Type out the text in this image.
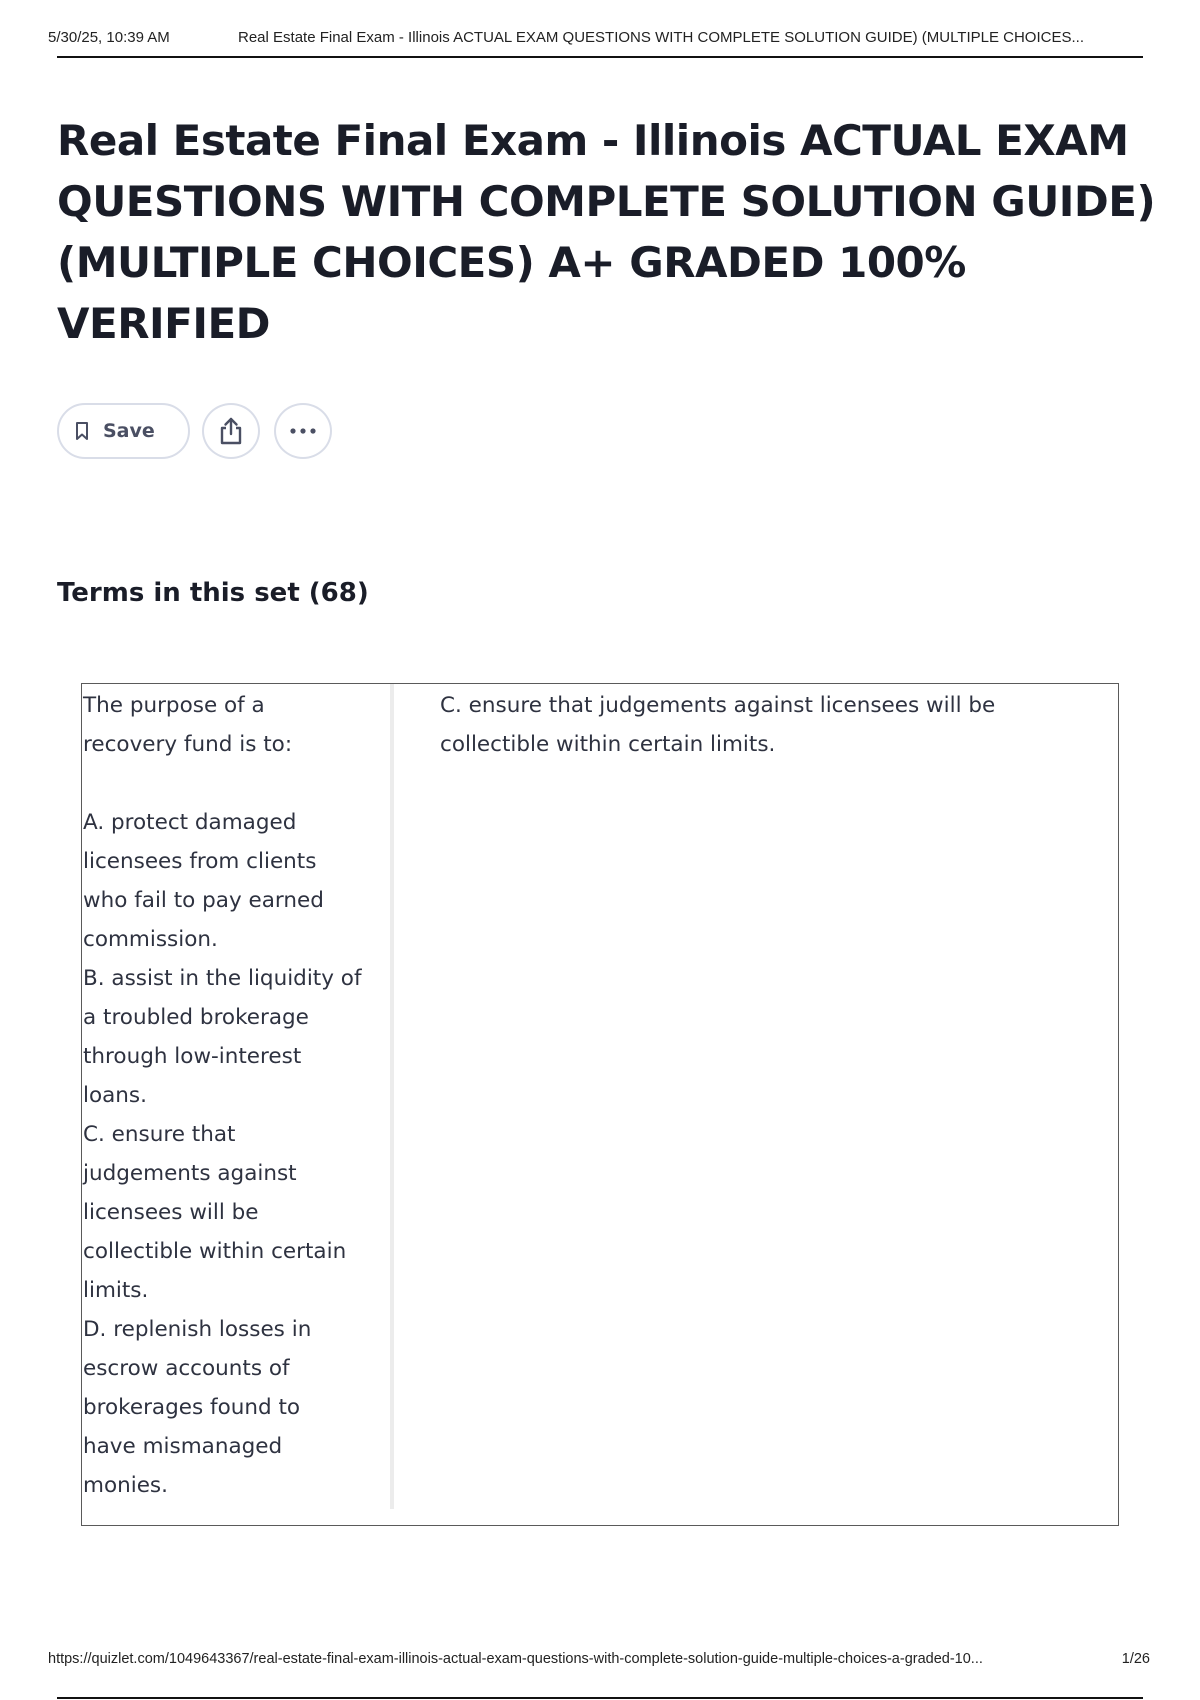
5/30/25, 10:39 AM	Real Estate Final Exam - Illinois ACTUAL EXAM QUESTIONS WITH COMPLETE SOLUTION GUIDE) (MULTIPLE CHOICES...
Real Estate Final Exam - Illinois ACTUAL EXAM QUESTIONS WITH COMPLETE SOLUTION GUIDE) (MULTIPLE CHOICES) A+ GRADED 100% VERIFIED
Save
Terms in this set (68)
The purpose of a
recovery fund is to:

A. protect damaged
licensees from clients
who fail to pay earned
commission.
B. assist in the liquidity of
a troubled brokerage
through low-interest
loans.
C. ensure that
judgements against
licensees will be
collectible within certain
limits.
D. replenish losses in
escrow accounts of
brokerages found to
have mismanaged
monies.
C. ensure that judgements against licensees will be collectible within certain limits.
https://quizlet.com/1049643367/real-estate-final-exam-illinois-actual-exam-questions-with-complete-solution-guide-multiple-choices-a-graded-10...	1/26
